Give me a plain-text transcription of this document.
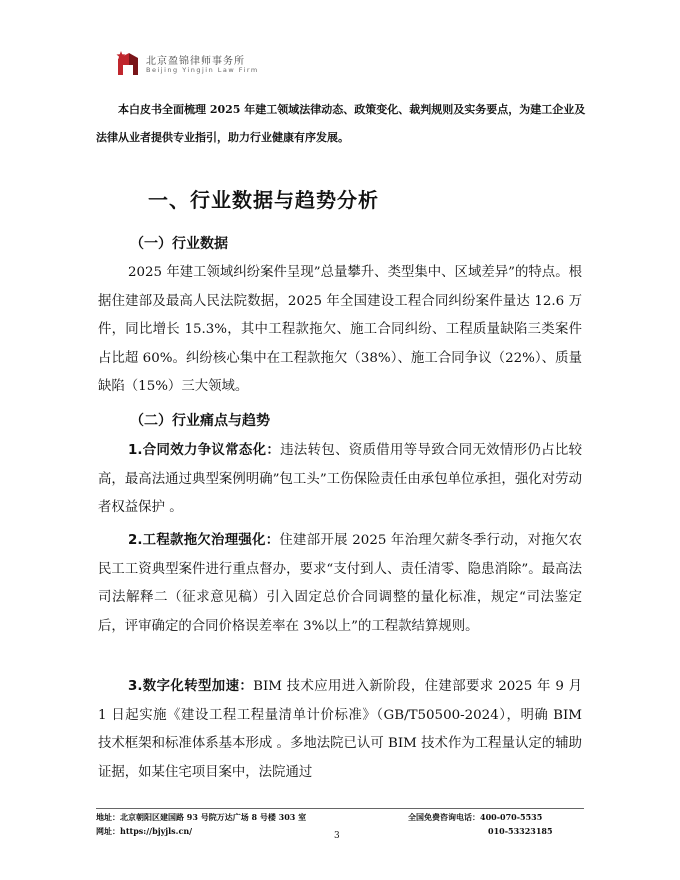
北京盈锦律师事务所
Beijing Yingjin Law Firm

本白皮书全面梳理 2025 年建工领域法律动态、政策变化、裁判规则及实务要点，为建工企业及法律从业者提供专业指引，助力行业健康有序发展。

一、行业数据与趋势分析
（一）行业数据

2025 年建工领域纠纷案件呈现”总量攀升、类型集中、区域差异”的特点。根据住建部及最高人民法院数据，2025 年全国建设工程合同纠纷案件量达 12.6 万件，同比增长 15.3%，其中工程款拖欠、施工合同纠纷、工程质量缺陷三类案件占比超 60%。纠纷核心集中在工程款拖欠（38%）、施工合同争议（22%）、质量缺陷（15%）三大领域。

（二）行业痛点与趋势

1.合同效力争议常态化：违法转包、资质借用等导致合同无效情形仍占比较高，最高法通过典型案例明确”包工头”工伤保险责任由承包单位承担，强化对劳动者权益保护 。

2.工程款拖欠治理强化：住建部开展 2025 年治理欠薪冬季行动，对拖欠农民工工资典型案件进行重点督办，要求“支付到人、责任清零、隐患消除”。最高法司法解释二（征求意见稿）引入固定总价合同调整的量化标准，规定“司法鉴定后，评审确定的合同价格误差率在 3%以上”的工程款结算规则。

3.数字化转型加速：BIM 技术应用进入新阶段，住建部要求 2025 年 9 月 1 日起实施《建设工程工程量清单计价标准》（GB/T50500-2024），明确 BIM 技术框架和标准体系基本形成 。多地法院已认可 BIM 技术作为工程量认定的辅助证据，如某住宅项目案中，法院通过

地址：北京朝阳区建国路 93 号院万达广场 8 号楼 303 室
网址：https://bjyjls.cn/
全国免费咨询电话：400-070-5535
010-53323185
3
